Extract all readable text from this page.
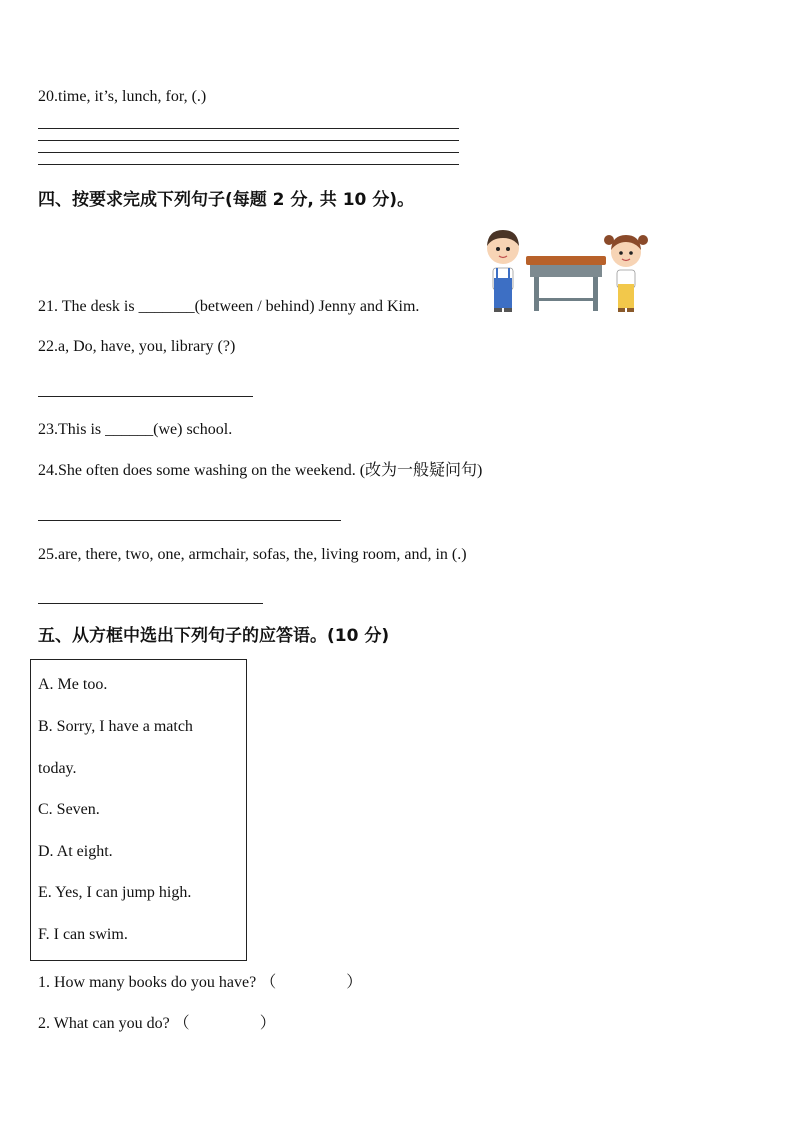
20.time, it’s, lunch, for, (.)
四、按要求完成下列句子(每题 2 分, 共 10 分)。
21. The desk is _______(between / behind) Jenny and Kim.
22.a, Do, have, you, library (?)
23.This is ______(we) school.
24.She often does some washing on the weekend. (改为一般疑问句)
25.are, there, two, one, armchair, sofas, the, living room, and, in (.)
五、从方框中选出下列句子的应答语。(10 分)
A. Me too.
B. Sorry, I have a match
today.
C. Seven.
D. At eight.
E. Yes, I can jump high.
F. I can swim.
1. How many books do you have? （	）
2. What can you do? （	）
